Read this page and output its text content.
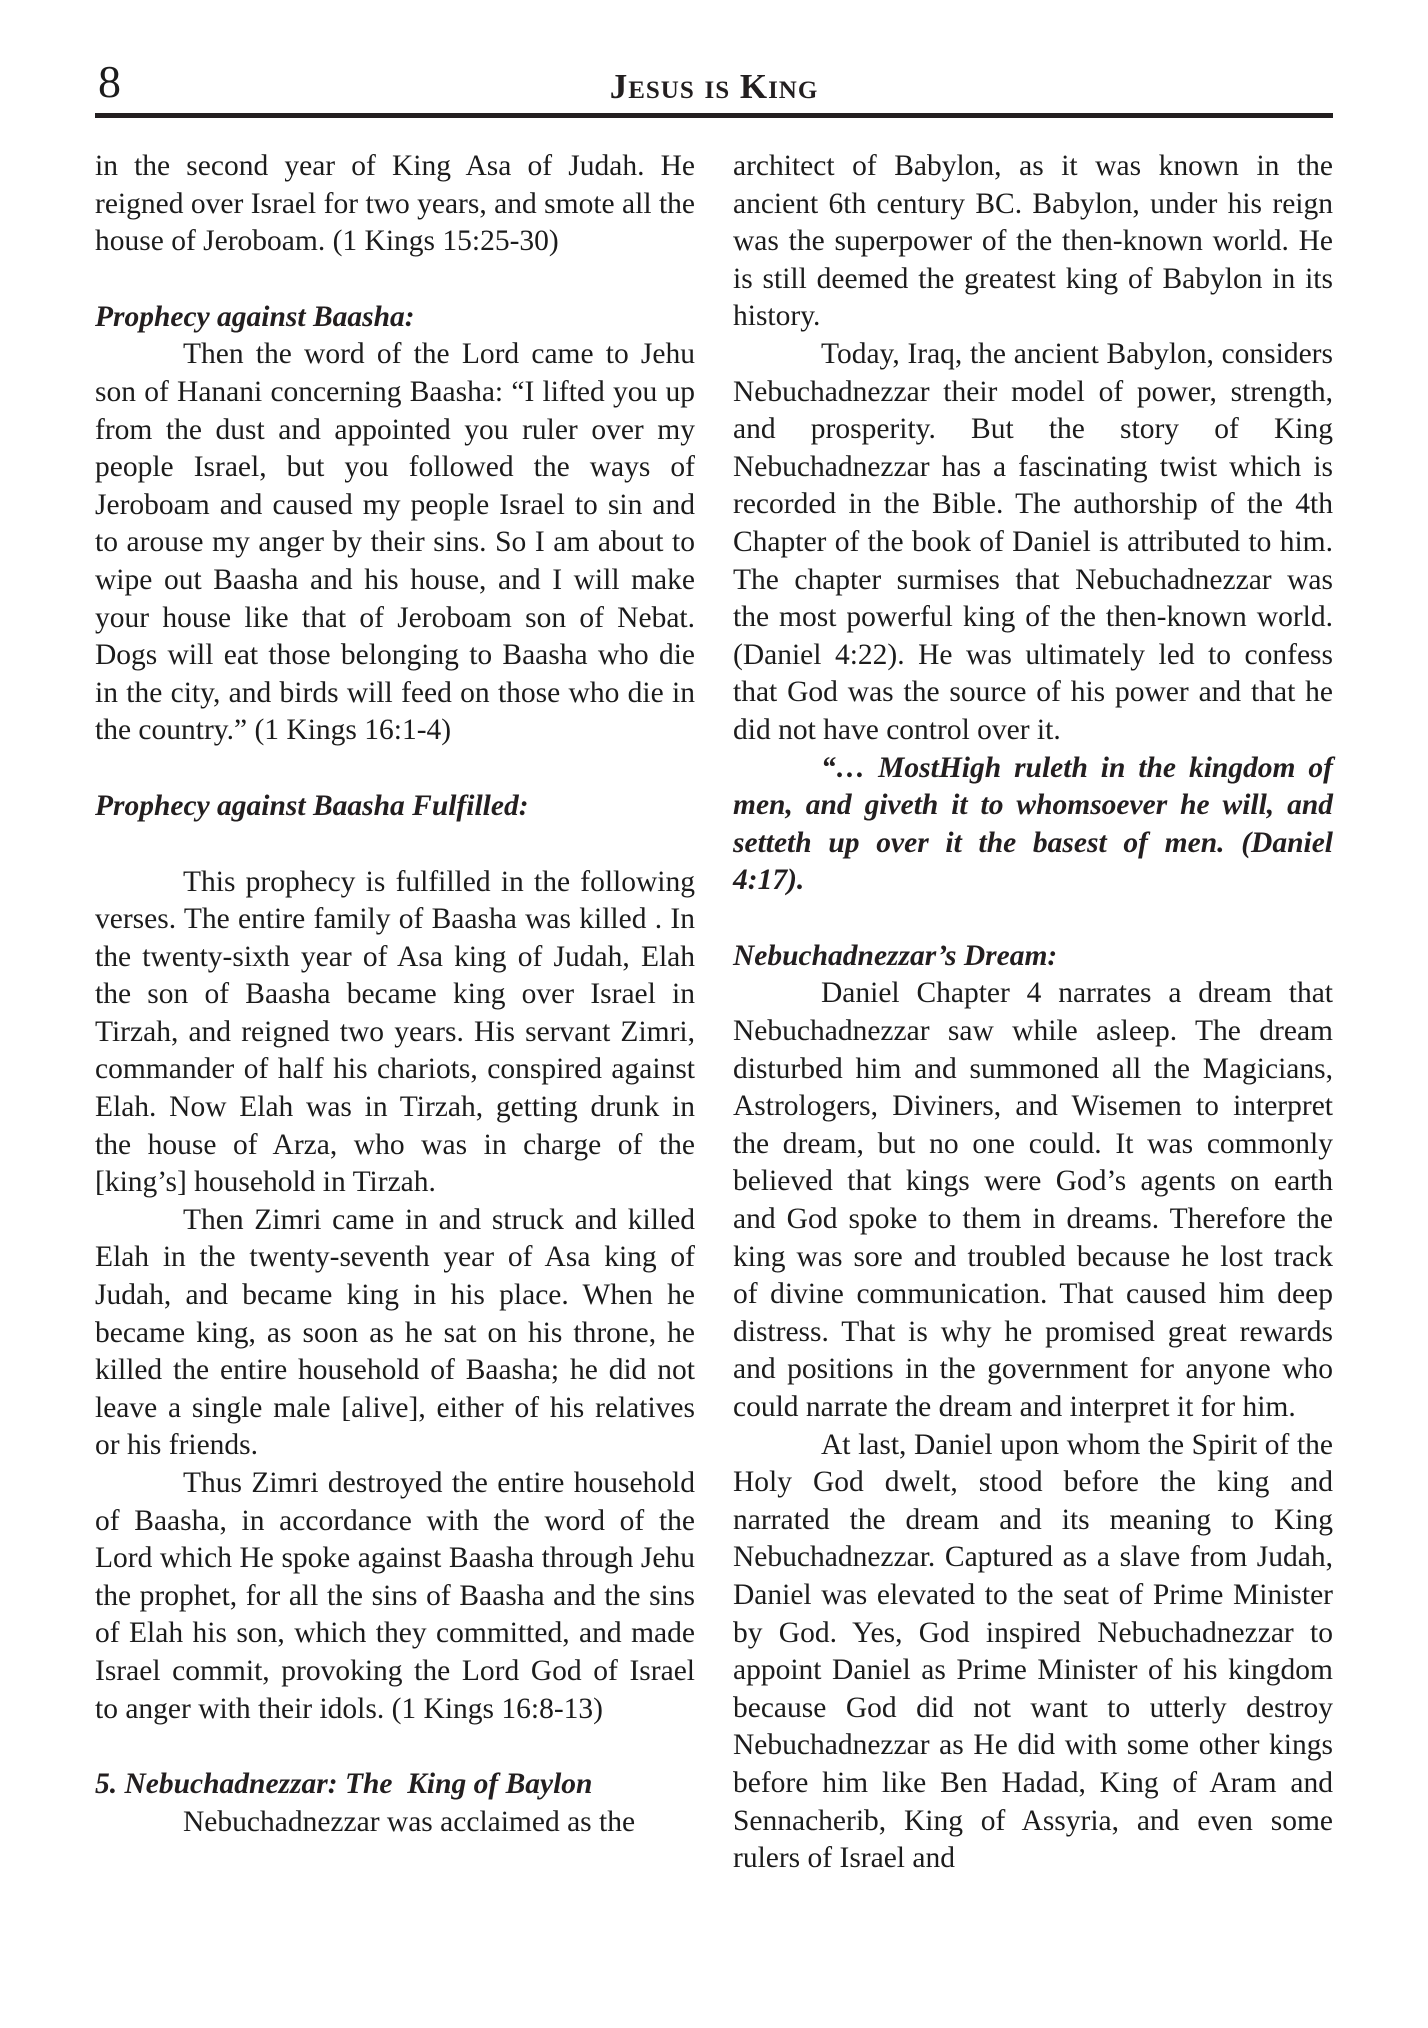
8	Jesus is King

in the second year of King Asa of Judah. He reigned over Israel for two years, and smote all the house of Jeroboam. (1 Kings 15:25-30)

Prophecy against Baasha:

Then the word of the Lord came to Jehu son of Hanani concerning Baasha: “I lifted you up from the dust and appointed you ruler over my people Israel, but you followed the ways of Jeroboam and caused my people Israel to sin and to arouse my anger by their sins. So I am about to wipe out Baasha and his house, and I will make your house like that of Jeroboam son of Nebat. Dogs will eat those belonging to Baasha who die in the city, and birds will feed on those who die in the country.” (1 Kings 16:1-4)

Prophecy against Baasha Fulfilled:

This prophecy is fulfilled in the following verses. The entire family of Baasha was killed . In the twenty-sixth year of Asa king of Judah, Elah the son of Baasha became king over Israel in Tirzah, and reigned two years. His servant Zimri, commander of half his chariots, conspired against Elah. Now Elah was in Tirzah, getting drunk in the house of Arza, who was in charge of the [king’s] household in Tirzah.

Then Zimri came in and struck and killed Elah in the twenty-seventh year of Asa king of Judah, and became king in his place. When he became king, as soon as he sat on his throne, he killed the entire household of Baasha; he did not leave a single male [alive], either of his relatives or his friends.

Thus Zimri destroyed the entire household of Baasha, in accordance with the word of the Lord which He spoke against Baasha through Jehu the prophet, for all the sins of Baasha and the sins of Elah his son, which they committed, and made Israel commit, provoking the Lord God of Israel to anger with their idols. (1 Kings 16:8-13)

5. Nebuchadnezzar: The  King of Baylon

Nebuchadnezzar was acclaimed as the

architect of Babylon, as it was known in the ancient 6th century BC. Babylon, under his reign was the superpower of the then-known world. He is still deemed the greatest king of Babylon in its history.

Today, Iraq, the ancient Babylon, considers Nebuchadnezzar their model of power, strength, and prosperity. But the story of King Nebuchadnezzar has a fascinating twist which is recorded in the Bible. The authorship of the 4th Chapter of the book of Daniel is attributed to him. The chapter surmises that Nebuchadnezzar was the most powerful king of the then-known world. (Daniel 4:22). He was ultimately led to confess that God was the source of his power and that he did not have control over it.

“… MostHigh ruleth in the kingdom of men, and giveth it to whomsoever he will, and setteth up over it the basest of men. (Daniel 4:17).

Nebuchadnezzar’s Dream:

Daniel Chapter 4 narrates a dream that Nebuchadnezzar saw while asleep. The dream disturbed him and summoned all the Magicians, Astrologers, Diviners, and Wisemen to interpret the dream, but no one could. It was commonly believed that kings were God’s agents on earth and God spoke to them in dreams. Therefore the king was sore and troubled because he lost track of divine communication. That caused him deep distress. That is why he promised great rewards and positions in the government for anyone who could narrate the dream and interpret it for him.

At last, Daniel upon whom the Spirit of the Holy God dwelt, stood before the king and narrated the dream and its meaning to King Nebuchadnezzar. Captured as a slave from Judah, Daniel was elevated to the seat of Prime Minister by God. Yes, God inspired Nebuchadnezzar to appoint Daniel as Prime Minister of his kingdom because God did not want to utterly destroy Nebuchadnezzar as He did with some other kings before him like Ben Hadad, King of Aram and Sennacherib, King of Assyria, and even some rulers of Israel and
